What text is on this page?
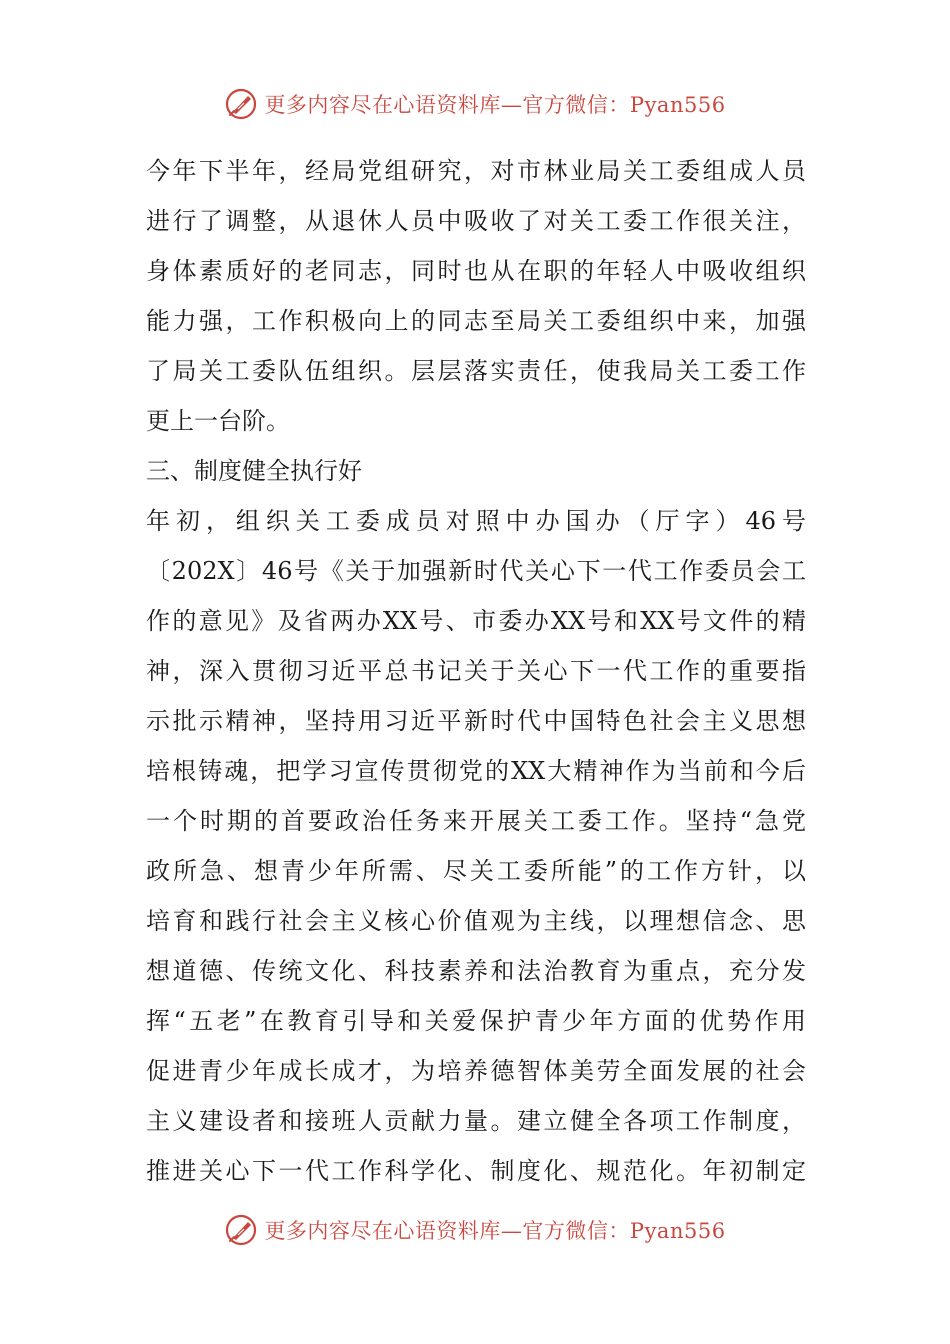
更多内容尽在心语资料库—官方微信：Pyan556
今年下半年，经局党组研究，对市林业局关工委组成人员
进行了调整，从退休人员中吸收了对关工委工作很关注，
身体素质好的老同志，同时也从在职的年轻人中吸收组织
能力强，工作积极向上的同志至局关工委组织中来，加强
了局关工委队伍组织。层层落实责任，使我局关工委工作
更上一台阶。
三、制度健全执行好
年初，组织关工委成员对照中办国办（厅字）46号
〔202X〕46号《关于加强新时代关心下一代工作委员会工
作的意见》及省两办XX号、市委办XX号和XX号文件的精
神，深入贯彻习近平总书记关于关心下一代工作的重要指
示批示精神，坚持用习近平新时代中国特色社会主义思想
培根铸魂，把学习宣传贯彻党的XX大精神作为当前和今后
一个时期的首要政治任务来开展关工委工作。坚持“急党
政所急、想青少年所需、尽关工委所能”的工作方针，以
培育和践行社会主义核心价值观为主线，以理想信念、思
想道德、传统文化、科技素养和法治教育为重点，充分发
挥“五老”在教育引导和关爱保护青少年方面的优势作用
促进青少年成长成才，为培养德智体美劳全面发展的社会
主义建设者和接班人贡献力量。建立健全各项工作制度，
推进关心下一代工作科学化、制度化、规范化。年初制定
更多内容尽在心语资料库—官方微信：Pyan556
